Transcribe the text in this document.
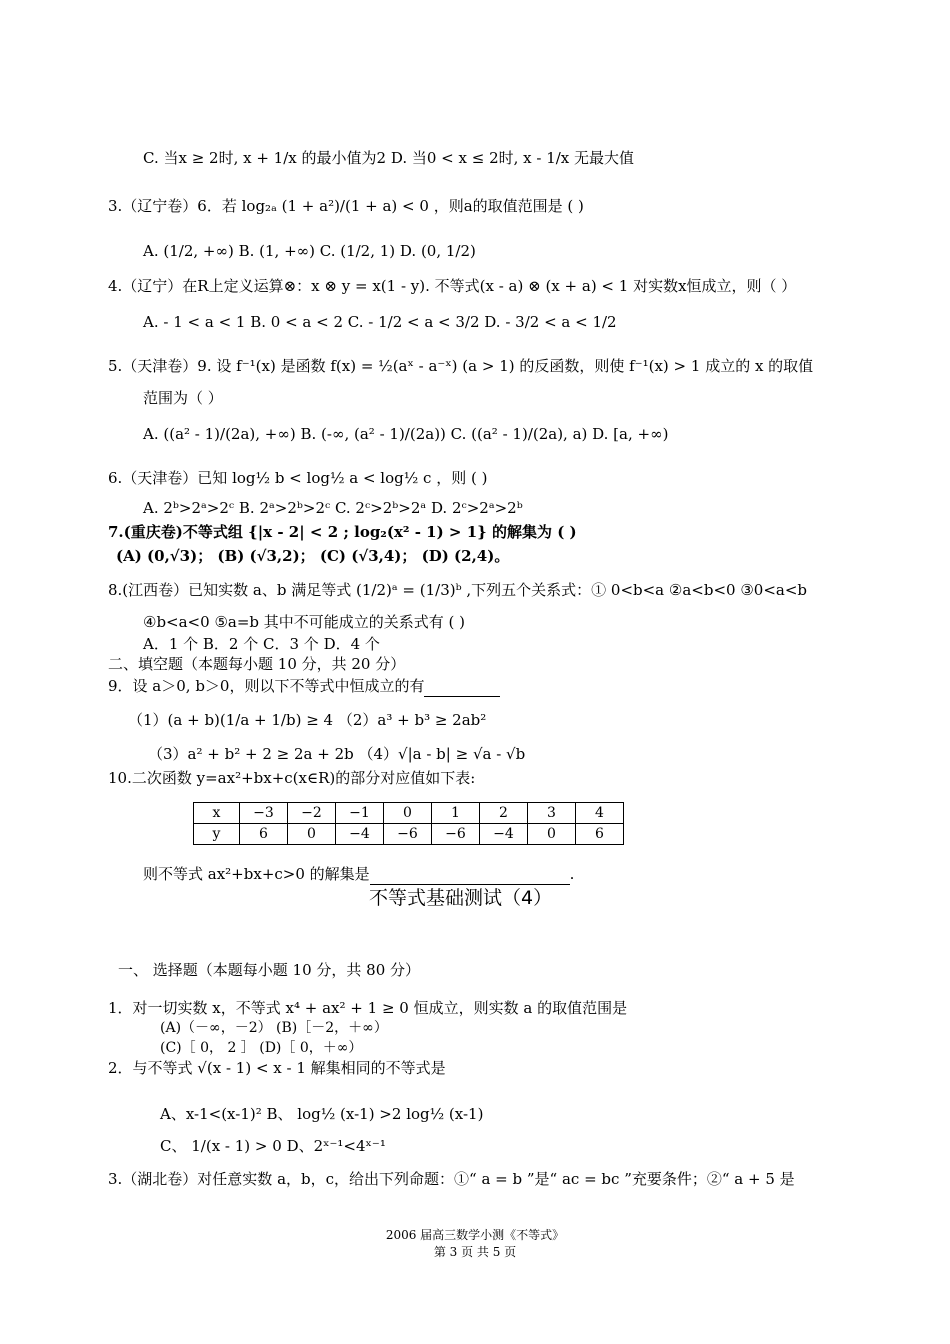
C. 当x ≥ 2时, x + 1/x 的最小值为2 D. 当0 < x ≤ 2时, x - 1/x 无最大值
3.（辽宁卷）6．若 log₂ₐ (1 + a²)/(1 + a) < 0 ，则a的取值范围是 ( )
A. (1/2, +∞) B. (1, +∞) C. (1/2, 1) D. (0, 1/2)
4.（辽宁）在R上定义运算⊗：x ⊗ y = x(1 - y). 不等式(x - a) ⊗ (x + a) < 1 对实数x恒成立，则（ ）
A. - 1 < a < 1 B. 0 < a < 2 C. - 1/2 < a < 3/2 D. - 3/2 < a < 1/2
5.（天津卷）9. 设 f⁻¹(x) 是函数 f(x) = ½(aˣ - a⁻ˣ) (a > 1) 的反函数，则使 f⁻¹(x) > 1 成立的 x 的取值
范围为（ ）
A. ((a² - 1)/(2a), +∞) B. (-∞, (a² - 1)/(2a)) C. ((a² - 1)/(2a), a) D. [a, +∞)
6.（天津卷）已知 log½ b < log½ a < log½ c ，则 ( )
A. 2ᵇ>2ᵃ>2ᶜ B. 2ᵃ>2ᵇ>2ᶜ C. 2ᶜ>2ᵇ>2ᵃ D. 2ᶜ>2ᵃ>2ᵇ
7.(重庆卷)不等式组 {|x - 2| < 2 ; log₂(x² - 1) > 1} 的解集为 ( )
(A) (0,√3)； (B) (√3,2)； (C) (√3,4)； (D) (2,4)。
8.(江西卷）已知实数 a、b 满足等式 (1/2)ᵃ = (1/3)ᵇ ,下列五个关系式：① 0<b<a ②a<b<0 ③0<a<b
④b<a<0 ⑤a=b 其中不可能成立的关系式有 ( )
A．1 个 B．2 个 C．3 个 D．4 个
二、填空题（本题每小题 10 分，共 20 分）
9．设 a＞0, b＞0，则以下不等式中恒成立的有
（1）(a + b)(1/a + 1/b) ≥ 4 （2）a³ + b³ ≥ 2ab²
（3）a² + b² + 2 ≥ 2a + 2b （4）√|a - b| ≥ √a - √b
10.二次函数 y=ax²+bx+c(x∈R)的部分对应值如下表:
x	−3	−2	−1	0	1	2	3	4
y	6	0	−4	−6	−6	−4	0	6
则不等式 ax²+bx+c>0 的解集是	.
不等式基础测试（4）
一、 选择题（本题每小题 10 分，共 80 分）
1．对一切实数 x，不等式 x⁴ + ax² + 1 ≥ 0 恒成立，则实数 a 的取值范围是
(A)（－∞，－2） (B)［－2，＋∞）
(C)［ 0， 2 ］ (D)［ 0，＋∞）
2．与不等式 √(x - 1) < x - 1 解集相同的不等式是
A、x-1<(x-1)² B、 log½ (x-1) >2 log½ (x-1)
C、 1/(x - 1) > 0 D、2ˣ⁻¹<4ˣ⁻¹
3.（湖北卷）对任意实数 a，b，c，给出下列命题：①“ a = b ”是“ ac = bc ”充要条件；②“ a + 5 是
2006 届高三数学小测《不等式》
第 3 页 共 5 页
